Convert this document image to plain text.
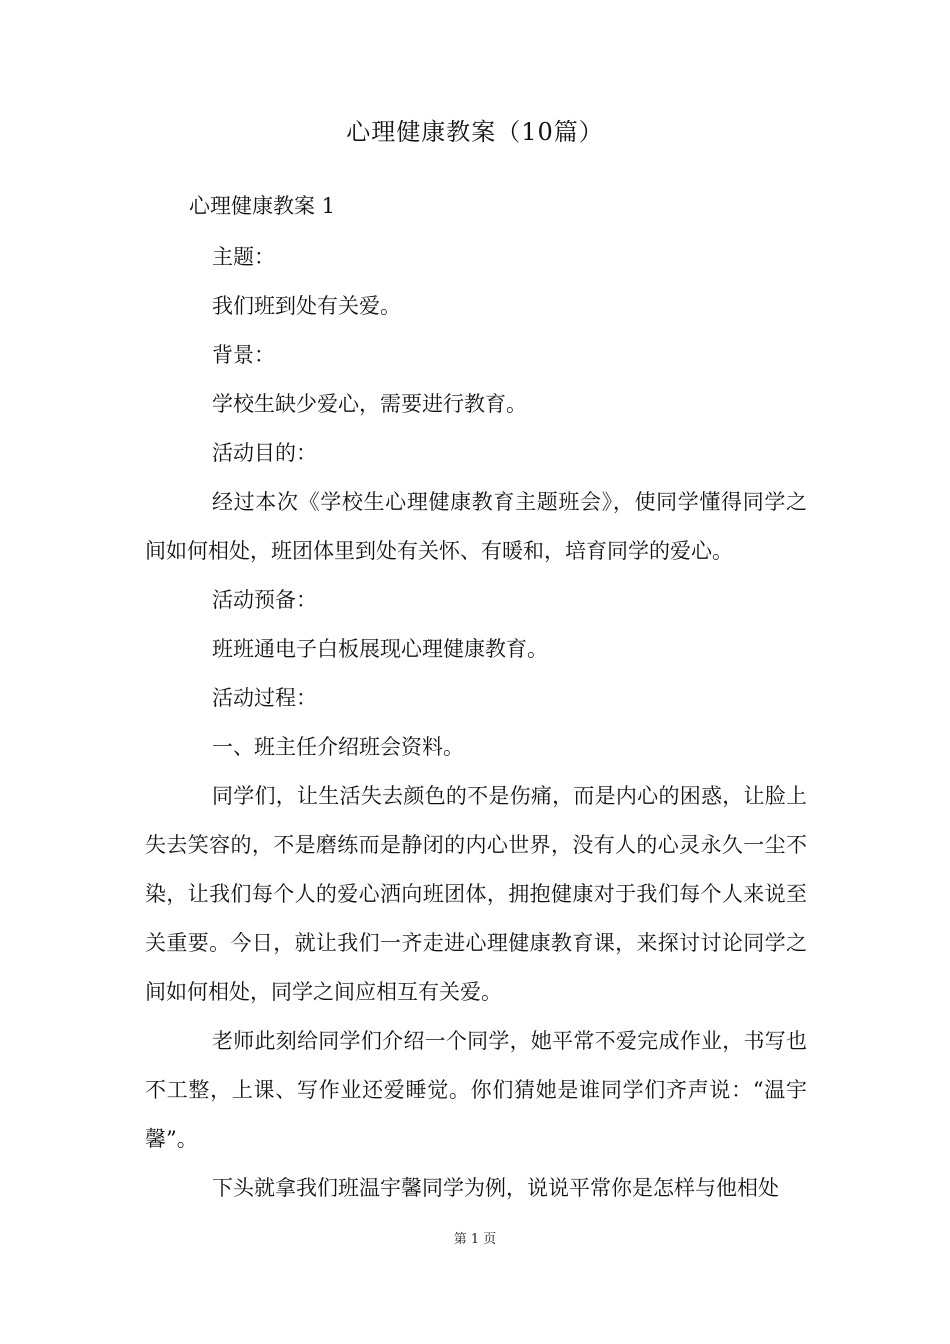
心理健康教案（10篇）

心理健康教案 1

主题：

我们班到处有关爱。

背景：

学校生缺少爱心，需要进行教育。

活动目的：

经过本次《学校生心理健康教育主题班会》，使同学懂得同学之间如何相处，班团体里到处有关怀、有暖和，培育同学的爱心。

活动预备：

班班通电子白板展现心理健康教育。

活动过程：

一、班主任介绍班会资料。

同学们，让生活失去颜色的不是伤痛，而是内心的困惑，让脸上失去笑容的，不是磨练而是静闭的内心世界，没有人的心灵永久一尘不染，让我们每个人的爱心洒向班团体，拥抱健康对于我们每个人来说至关重要。今日，就让我们一齐走进心理健康教育课，来探讨讨论同学之间如何相处，同学之间应相互有关爱。

老师此刻给同学们介绍一个同学，她平常不爱完成作业，书写也不工整，上课、写作业还爱睡觉。你们猜她是谁同学们齐声说：“温宇馨”。

下头就拿我们班温宇馨同学为例，说说平常你是怎样与他相处

第 1 页
